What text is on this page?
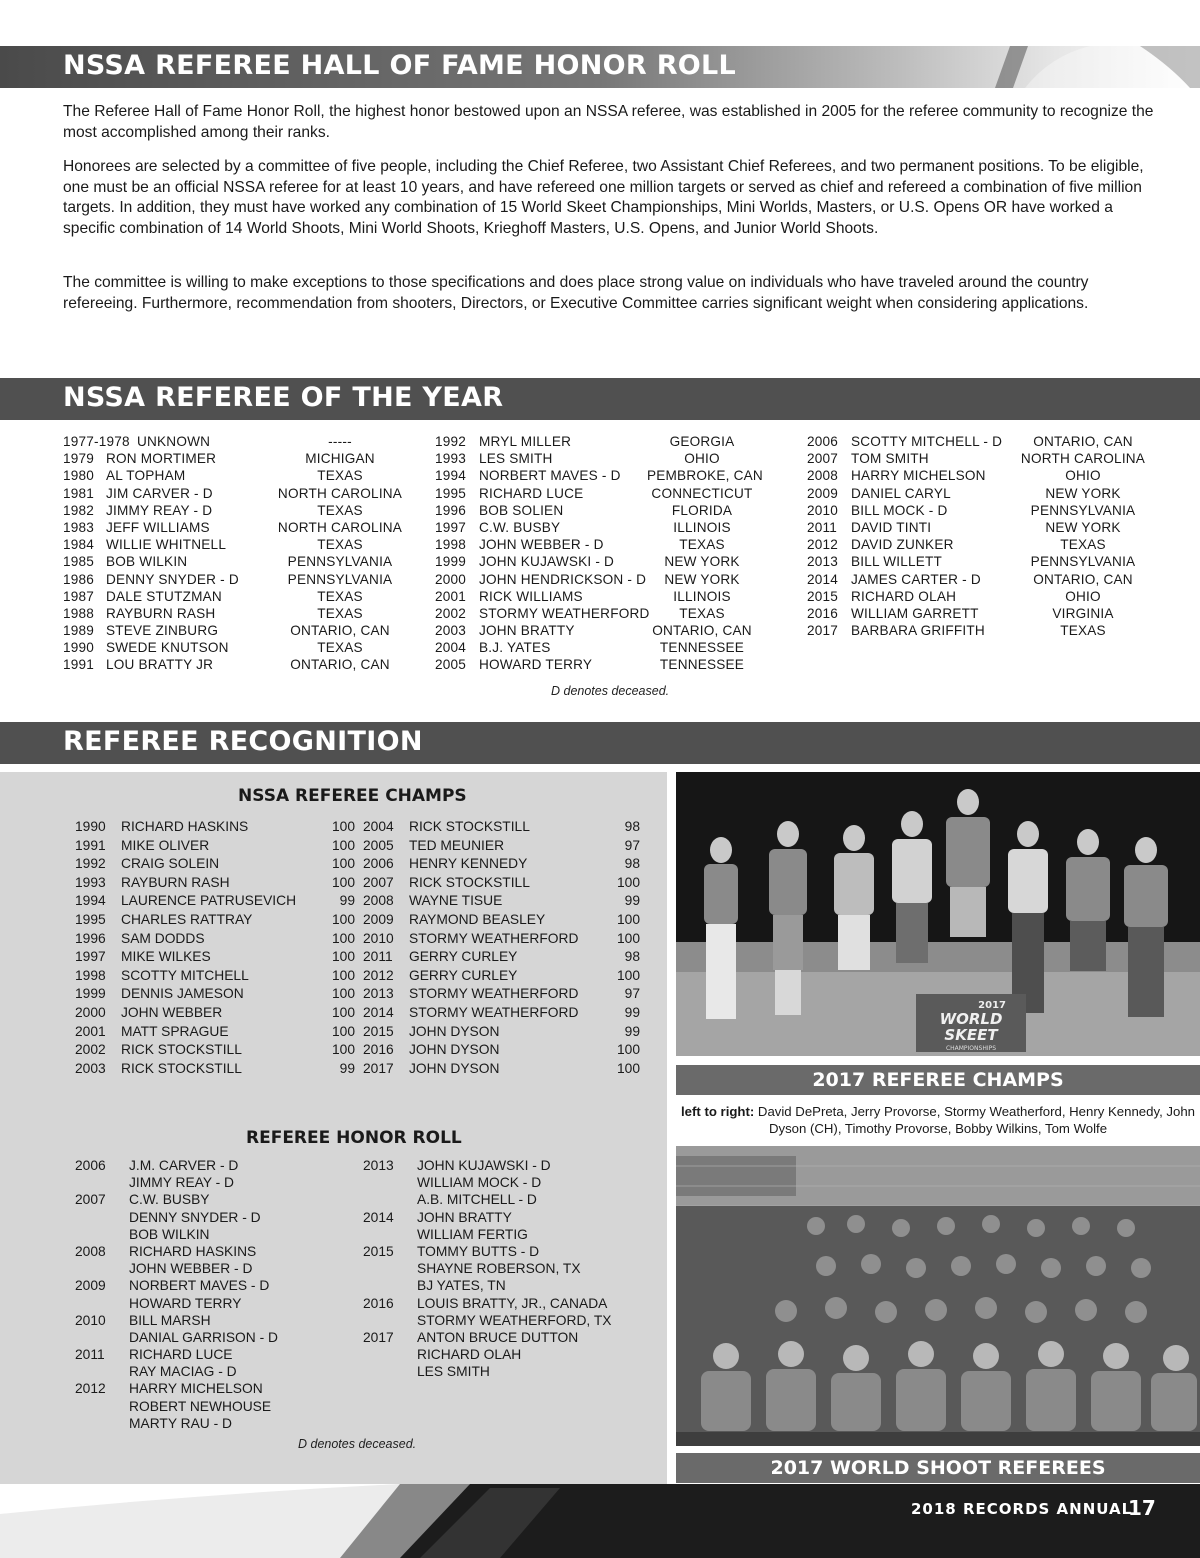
NSSA REFEREE HALL OF FAME HONOR ROLL
The Referee Hall of Fame Honor Roll, the highest honor bestowed upon an NSSA referee, was established in 2005 for the referee community to recognize the most accomplished among their ranks.
Honorees are selected by a committee of five people, including the Chief Referee, two Assistant Chief Referees, and two permanent positions. To be eligible, one must be an official NSSA referee for at least 10 years, and have refereed one million targets or served as chief and refereed a combination of five million targets. In addition, they must have worked any combination of 15 World Skeet Championships, Mini Worlds, Masters, or U.S. Opens OR have worked a specific combination of 14 World Shoots, Mini World Shoots, Krieghoff Masters, U.S. Opens, and Junior World Shoots.
The committee is willing to make exceptions to those specifications and does place strong value on individuals who have traveled around the country refereeing. Furthermore, recommendation from shooters, Directors, or Executive Committee carries significant weight when considering applications.
NSSA REFEREE OF THE YEAR
1977-1978 UNKNOWN	-----
1979 RON MORTIMER	MICHIGAN
1980 AL TOPHAM	TEXAS
1981 JIM CARVER - D	NORTH CAROLINA
1982 JIMMY REAY - D	TEXAS
1983 JEFF WILLIAMS	NORTH CAROLINA
1984 WILLIE WHITNELL	TEXAS
1985 BOB WILKIN	PENNSYLVANIA
1986 DENNY SNYDER - D	PENNSYLVANIA
1987 DALE STUTZMAN	TEXAS
1988 RAYBURN RASH	TEXAS
1989 STEVE ZINBURG	ONTARIO, CAN
1990 SWEDE KNUTSON	TEXAS
1991 LOU BRATTY JR	ONTARIO, CAN
1992 MRYL MILLER	GEORGIA
1993 LES SMITH	OHIO
1994 NORBERT MAVES - D	PEMBROKE, CAN
1995 RICHARD LUCE	CONNECTICUT
1996 BOB SOLIEN	FLORIDA
1997 C.W. BUSBY	ILLINOIS
1998 JOHN WEBBER - D	TEXAS
1999 JOHN KUJAWSKI - D	NEW YORK
2000 JOHN HENDRICKSON - D	NEW YORK
2001 RICK WILLIAMS	ILLINOIS
2002 STORMY WEATHERFORD	TEXAS
2003 JOHN BRATTY	ONTARIO, CAN
2004 B.J. YATES	TENNESSEE
2005 HOWARD TERRY	TENNESSEE
2006 SCOTTY MITCHELL - D	ONTARIO, CAN
2007 TOM SMITH	NORTH CAROLINA
2008 HARRY MICHELSON	OHIO
2009 DANIEL CARYL	NEW YORK
2010 BILL MOCK - D	PENNSYLVANIA
2011	DAVID TINTI	NEW YORK
2012 DAVID ZUNKER	TEXAS
2013 BILL WILLETT	PENNSYLVANIA
2014 JAMES CARTER - D	ONTARIO, CAN
2015 RICHARD OLAH	OHIO
2016 WILLIAM GARRETT	VIRGINIA
2017 BARBARA GRIFFITH	TEXAS
D denotes deceased.
REFEREE RECOGNITION
NSSA REFEREE CHAMPS
1990	RICHARD HASKINS	100
1991	MIKE OLIVER	100
1992	CRAIG SOLEIN	100
1993	RAYBURN RASH	100
1994	LAURENCE PATRUSEVICH	99
1995	CHARLES RATTRAY	100
1996	SAM DODDS	100
1997	MIKE WILKES	100
1998	SCOTTY MITCHELL	100
1999	DENNIS JAMESON	100
2000	JOHN WEBBER	100
2001	MATT SPRAGUE	100
2002	RICK STOCKSTILL	100
2003	RICK STOCKSTILL	99
2004	RICK STOCKSTILL	98
2005	TED MEUNIER	97
2006	HENRY KENNEDY	98
2007	RICK STOCKSTILL	100
2008	WAYNE TISUE	99
2009	RAYMOND BEASLEY	100
2010	STORMY WEATHERFORD	100
2011	GERRY CURLEY	98
2012	GERRY CURLEY	100
2013	STORMY WEATHERFORD	97
2014	STORMY WEATHERFORD	99
2015	JOHN DYSON	99
2016	JOHN DYSON	100
2017	JOHN DYSON	100
REFEREE HONOR ROLL
2006	J.M. CARVER - D
JIMMY REAY - D
2007	C.W. BUSBY
DENNY SNYDER - D
BOB WILKIN
2008	RICHARD HASKINS
JOHN WEBBER - D
2009	NORBERT MAVES - D
HOWARD TERRY
2010	BILL MARSH
DANIAL GARRISON - D
2011	RICHARD LUCE
RAY MACIAG - D
2012	HARRY MICHELSON
ROBERT NEWHOUSE
MARTY RAU - D
2013	JOHN KUJAWSKI - D
WILLIAM MOCK - D
A.B. MITCHELL - D
2014	JOHN BRATTY
WILLIAM FERTIG
2015	TOMMY BUTTS - D
SHAYNE ROBERSON, TX
BJ YATES, TN
2016	LOUIS BRATTY, JR., CANADA
STORMY WEATHERFORD, TX
2017	ANTON BRUCE DUTTON
RICHARD OLAH
LES SMITH
D denotes deceased.
2017
WORLD
SKEET
CHAMPIONSHIPS
2017 REFEREE CHAMPS
left to right: David DePreta, Jerry Provorse, Stormy Weatherford, Henry Kennedy, John Dyson (CH), Timothy Provorse, Bobby Wilkins, Tom Wolfe
2017 WORLD SHOOT REFEREES
2018 RECORDS ANNUAL
17
